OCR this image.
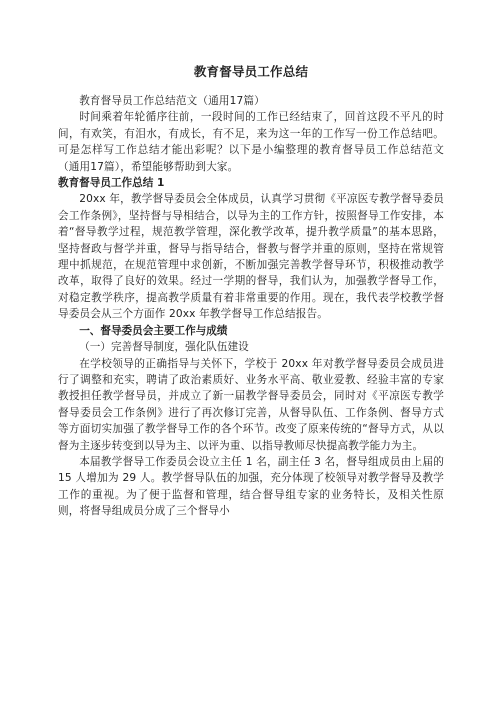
教育督导员工作总结

教育督导员工作总结范文（通用17篇）

时间乘着年轮循序往前，一段时间的工作已经结束了，回首这段不平凡的时间，有欢笑，有泪水，有成长，有不足，来为这一年的工作写一份工作总结吧。可是怎样写工作总结才能出彩呢？以下是小编整理的教育督导员工作总结范文（通用17篇），希望能够帮助到大家。

教育督导员工作总结 1

20xx 年，教学督导委员会全体成员，认真学习贯彻《平凉医专教学督导委员会工作条例》，坚持督与导相结合，以导为主的工作方针，按照督导工作安排，本着“督导教学过程，规范教学管理，深化教学改革，提升教学质量”的基本思路，坚持督政与督学并重，督导与指导结合，督教与督学并重的原则，坚持在常规管理中抓规范，在规范管理中求创新，不断加强完善教学督导环节，积极推动教学改革，取得了良好的效果。经过一学期的督导，我们认为，加强教学督导工作，对稳定教学秩序，提高教学质量有着非常重要的作用。现在，我代表学校教学督导委员会从三个方面作 20xx 年教学督导工作总结报告。

一、督导委员会主要工作与成绩
（一）完善督导制度，强化队伍建设

在学校领导的正确指导与关怀下，学校于 20xx 年对教学督导委员会成员进行了调整和充实，聘请了政治素质好、业务水平高、敬业爱教、经验丰富的专家教授担任教学督导员，并成立了新一届教学督导委员会，同时对《平凉医专教学督导委员会工作条例》进行了再次修订完善，从督导队伍、工作条例、督导方式等方面切实加强了教学督导工作的各个环节。改变了原来传统的“督导方式，从以督为主逐步转变到以导为主、以评为重、以指导教师尽快提高教学能力为主。

本届教学督导工作委员会设立主任 1 名，副主任 3 名，督导组成员由上届的 15 人增加为 29 人。教学督导队伍的加强，充分体现了校领导对教学督导及教学工作的重视。为了便于监督和管理，结合督导组专家的业务特长，及相关性原则，将督导组成员分成了三个督导小
